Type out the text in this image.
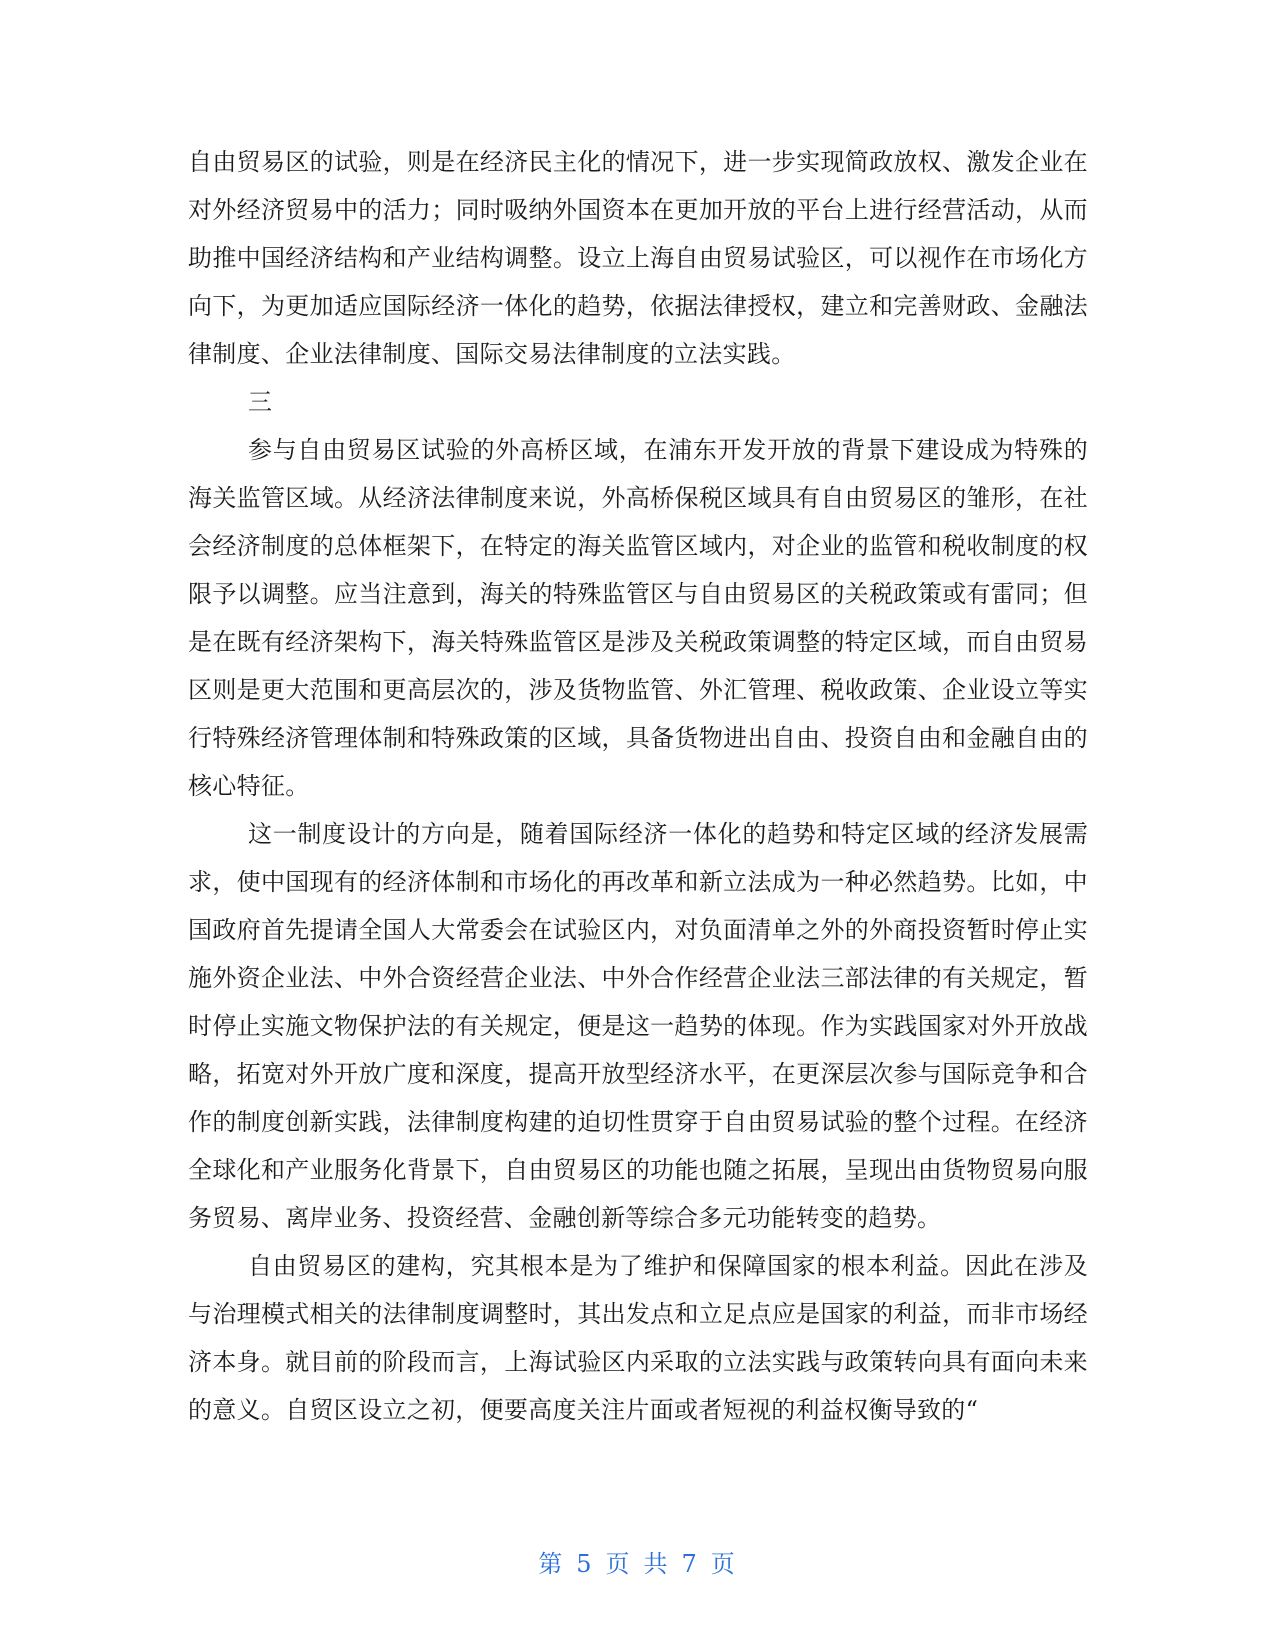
自由贸易区的试验，则是在经济民主化的情况下，进一步实现简政放权、激发企业在对外经济贸易中的活力；同时吸纳外国资本在更加开放的平台上进行经营活动，从而助推中国经济结构和产业结构调整。设立上海自由贸易试验区，可以视作在市场化方向下，为更加适应国际经济一体化的趋势，依据法律授权，建立和完善财政、金融法律制度、企业法律制度、国际交易法律制度的立法实践。

三

参与自由贸易区试验的外高桥区域，在浦东开发开放的背景下建设成为特殊的海关监管区域。从经济法律制度来说，外高桥保税区域具有自由贸易区的雏形，在社会经济制度的总体框架下，在特定的海关监管区域内，对企业的监管和税收制度的权限予以调整。应当注意到，海关的特殊监管区与自由贸易区的关税政策或有雷同；但是在既有经济架构下，海关特殊监管区是涉及关税政策调整的特定区域，而自由贸易区则是更大范围和更高层次的，涉及货物监管、外汇管理、税收政策、企业设立等实行特殊经济管理体制和特殊政策的区域，具备货物进出自由、投资自由和金融自由的核心特征。

这一制度设计的方向是，随着国际经济一体化的趋势和特定区域的经济发展需求，使中国现有的经济体制和市场化的再改革和新立法成为一种必然趋势。比如，中国政府首先提请全国人大常委会在试验区内，对负面清单之外的外商投资暂时停止实施外资企业法、中外合资经营企业法、中外合作经营企业法三部法律的有关规定，暂时停止实施文物保护法的有关规定，便是这一趋势的体现。作为实践国家对外开放战略，拓宽对外开放广度和深度，提高开放型经济水平，在更深层次参与国际竞争和合作的制度创新实践，法律制度构建的迫切性贯穿于自由贸易试验的整个过程。在经济全球化和产业服务化背景下，自由贸易区的功能也随之拓展，呈现出由货物贸易向服务贸易、离岸业务、投资经营、金融创新等综合多元功能转变的趋势。

自由贸易区的建构，究其根本是为了维护和保障国家的根本利益。因此在涉及与治理模式相关的法律制度调整时，其出发点和立足点应是国家的利益，而非市场经济本身。就目前的阶段而言，上海试验区内采取的立法实践与政策转向具有面向未来的意义。自贸区设立之初，便要高度关注片面或者短视的利益权衡导致的“

第 5 页 共 7 页
